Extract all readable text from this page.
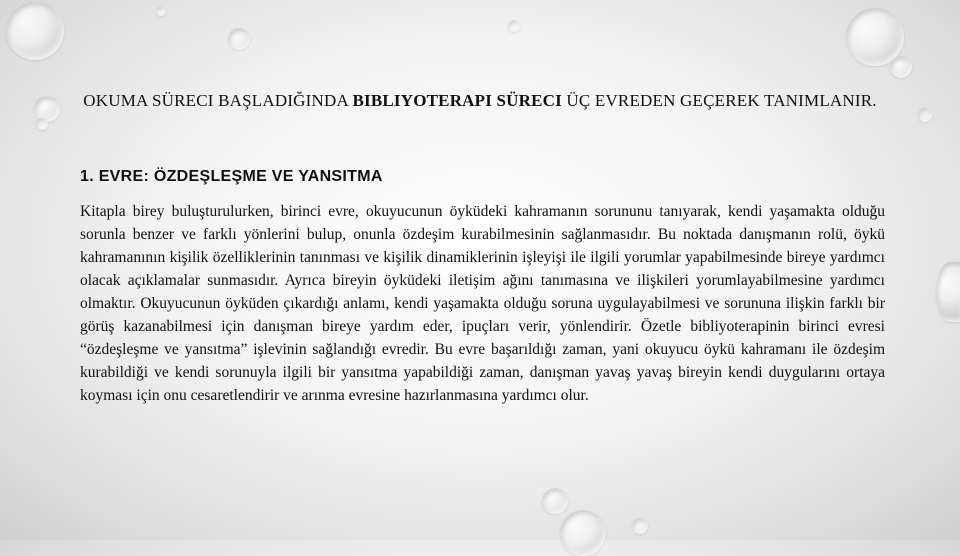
OKUMA SÜRECI BAŞLADIĞINDA BIBLIYOTERAPI SÜRECI ÜÇ EVREDEN GEÇEREK TANIMLANIR.
1. EVRE: ÖZDEŞLEŞME VE YANSITMA

Kitapla birey buluşturulurken, birinci evre, okuyucunun öyküdeki kahramanın sorununu tanıyarak, kendi yaşamakta olduğu sorunla benzer ve farklı yönlerini bulup, onunla özdeşim kurabilmesinin sağlanmasıdır. Bu noktada danışmanın rolü, öykü kahramanının kişilik özelliklerinin tanınması ve kişilik dinamiklerinin işleyişi ile ilgili yorumlar yapabilmesinde bireye yardımcı olacak açıklamalar sunmasıdır. Ayrıca bireyin öyküdeki iletişim ağını tanımasına ve ilişkileri yorumlayabilmesine yardımcı olmaktır. Okuyucunun öyküden çıkardığı anlamı, kendi yaşamakta olduğu soruna uygulayabilmesi ve sorununa ilişkin farklı bir görüş kazanabilmesi için danışman bireye yardım eder, ipuçları verir, yönlendirir. Özetle bibliyoterapinin birinci evresi “özdeşleşme ve yansıtma” işlevinin sağlandığı evredir. Bu evre başarıldığı zaman, yani okuyucu öykü kahramanı ile özdeşim kurabildiği ve kendi sorunuyla ilgili bir yansıtma yapabildiği zaman, danışman yavaş yavaş bireyin kendi duygularını ortaya koyması için onu cesaretlendirir ve arınma evresine hazırlanmasına yardımcı olur.
